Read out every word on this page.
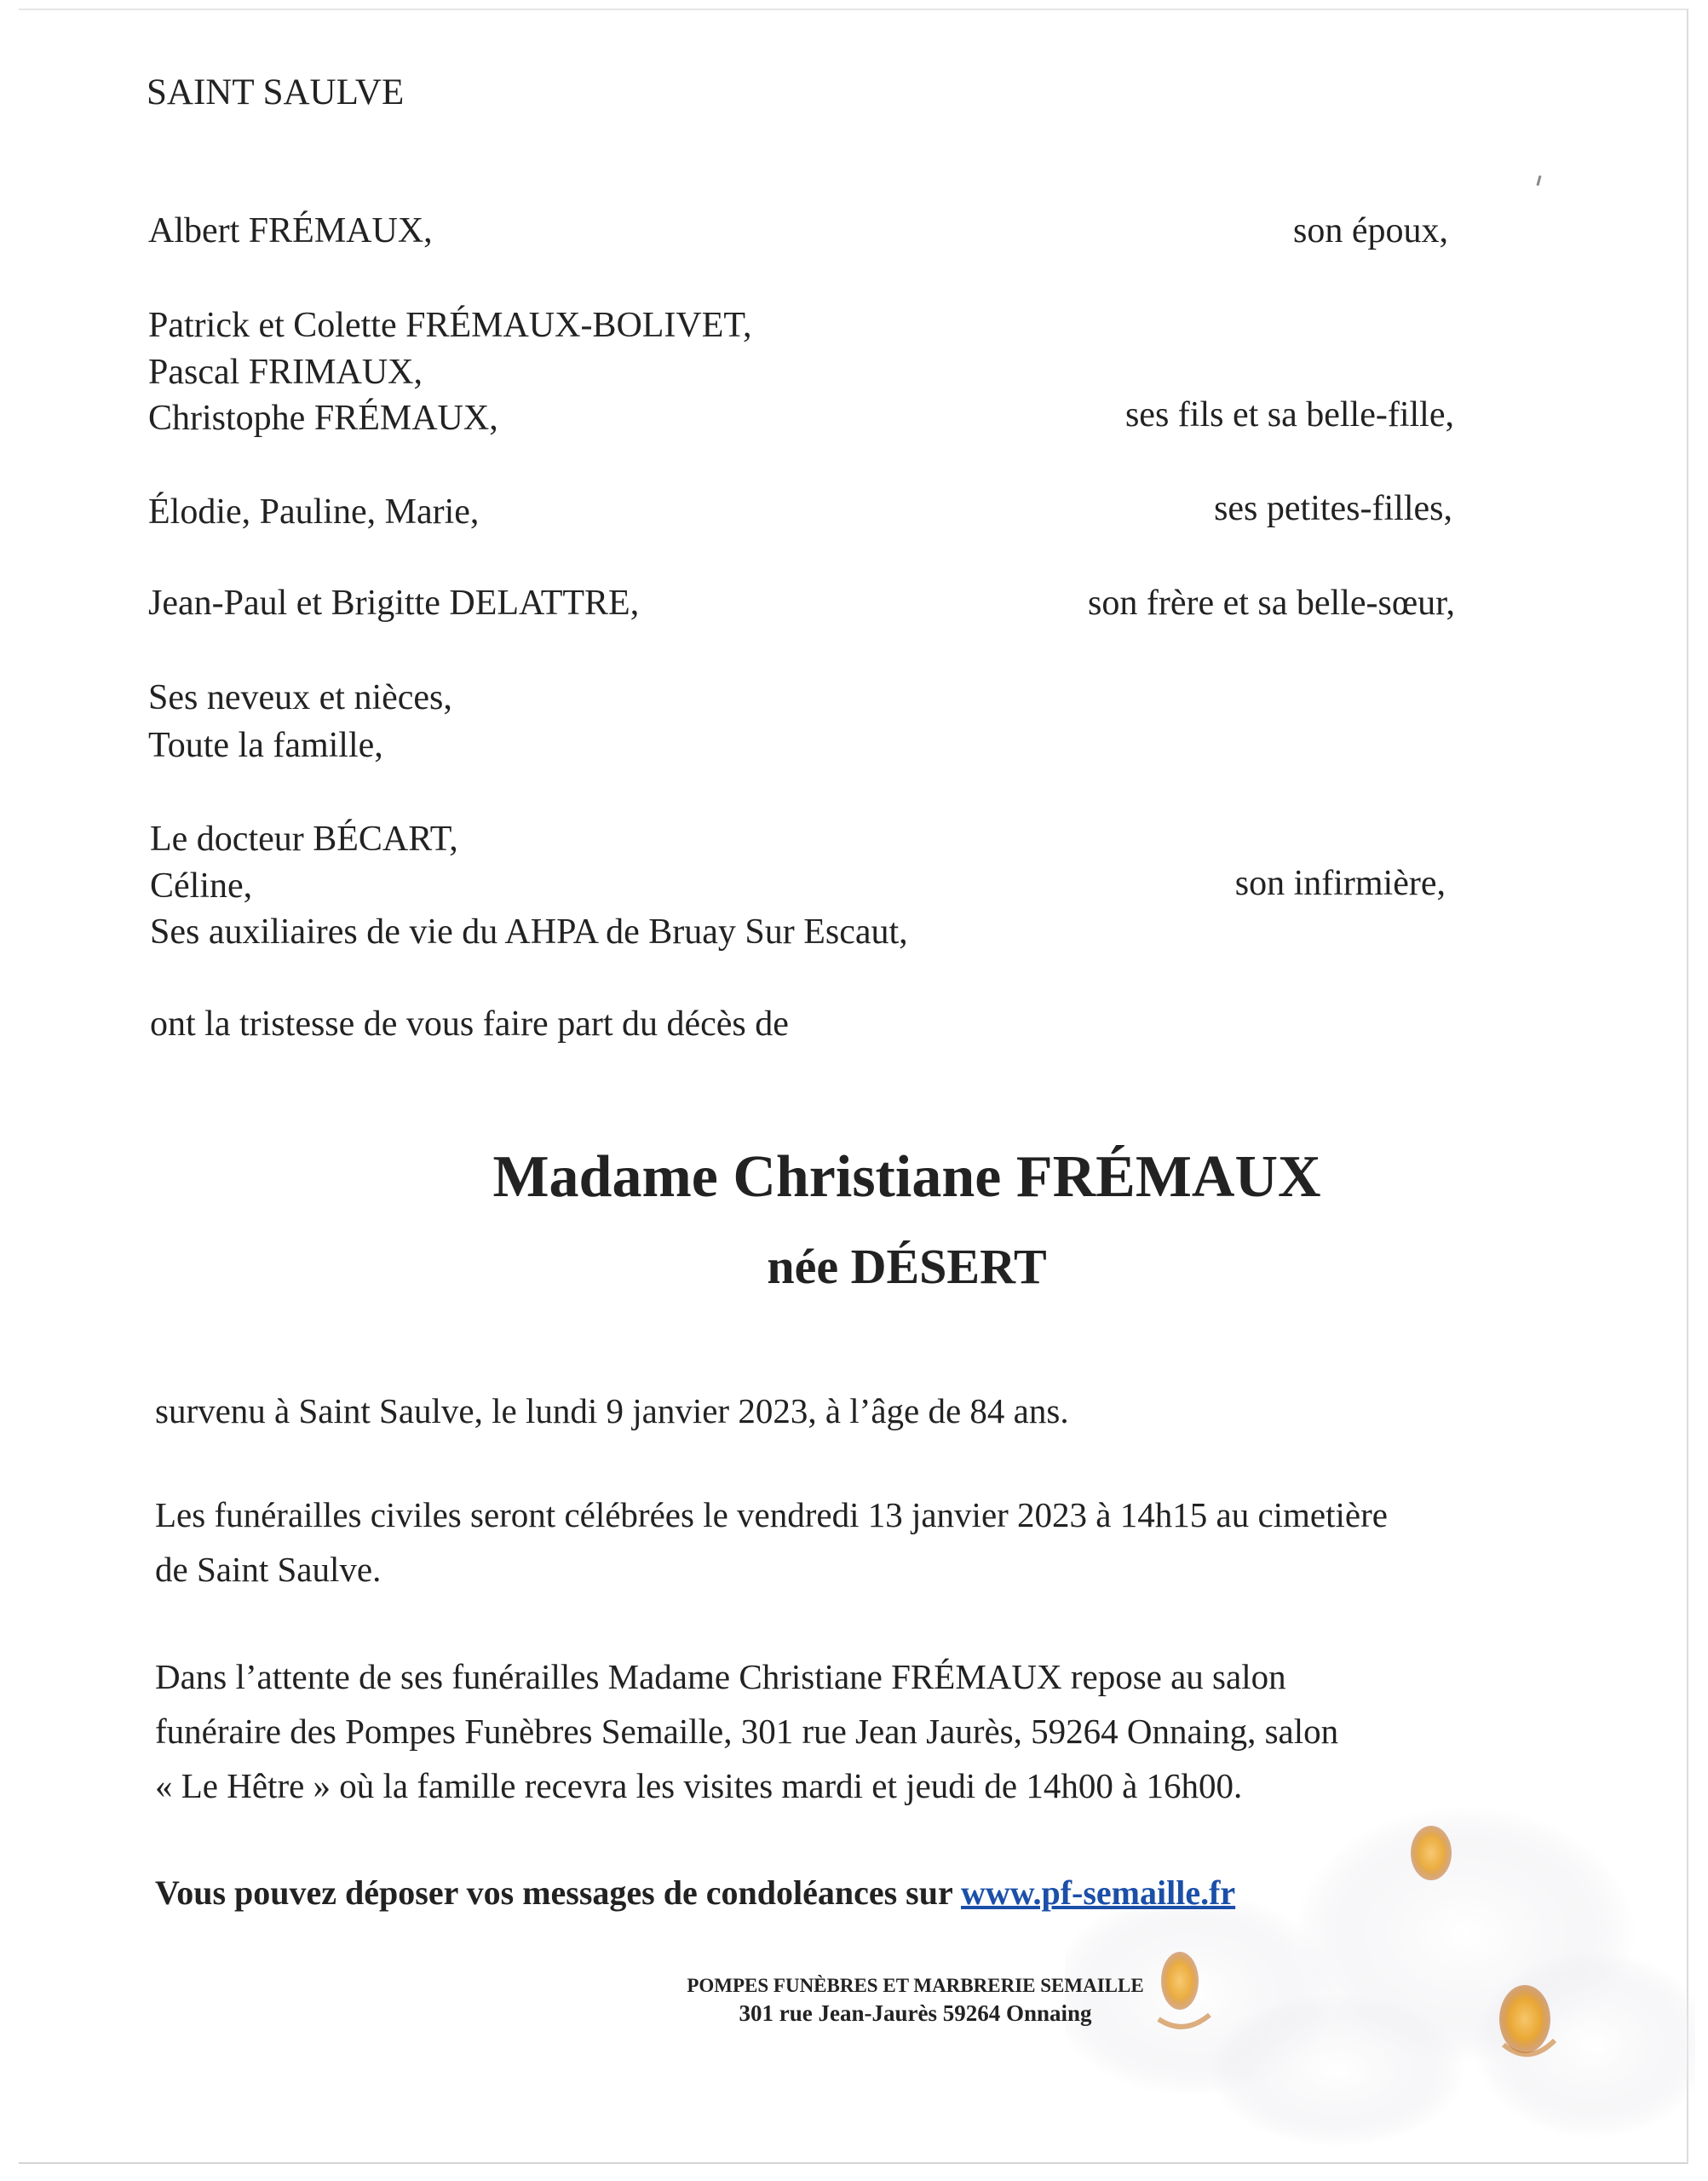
SAINT SAULVE
Albert FRÉMAUX,	son époux,
Patrick et Colette FRÉMAUX-BOLIVET,
Pascal FRIMAUX,
Christophe FRÉMAUX,	ses fils et sa belle-fille,
Élodie, Pauline, Marie,	ses petites-filles,
Jean-Paul et Brigitte DELATTRE,	son frère et sa belle-sœur,
Ses neveux et nièces,
Toute la famille,
Le docteur BÉCART,
Céline,	son infirmière,
Ses auxiliaires de vie du AHPA de Bruay Sur Escaut,
ont la tristesse de vous faire part du décès de
Madame Christiane FRÉMAUX
née DÉSERT
survenu à Saint Saulve, le lundi 9 janvier 2023, à l’âge de 84 ans.
Les funérailles civiles seront célébrées le vendredi 13 janvier 2023 à 14h15 au cimetière
de Saint Saulve.
Dans l’attente de ses funérailles Madame Christiane FRÉMAUX repose au salon
funéraire des Pompes Funèbres Semaille, 301 rue Jean Jaurès, 59264 Onnaing, salon
« Le Hêtre » où la famille recevra les visites mardi et jeudi de 14h00 à 16h00.
Vous pouvez déposer vos messages de condoléances sur www.pf-semaille.fr
POMPES FUNÈBRES ET MARBRERIE SEMAILLE
301 rue Jean-Jaurès 59264 Onnaing
